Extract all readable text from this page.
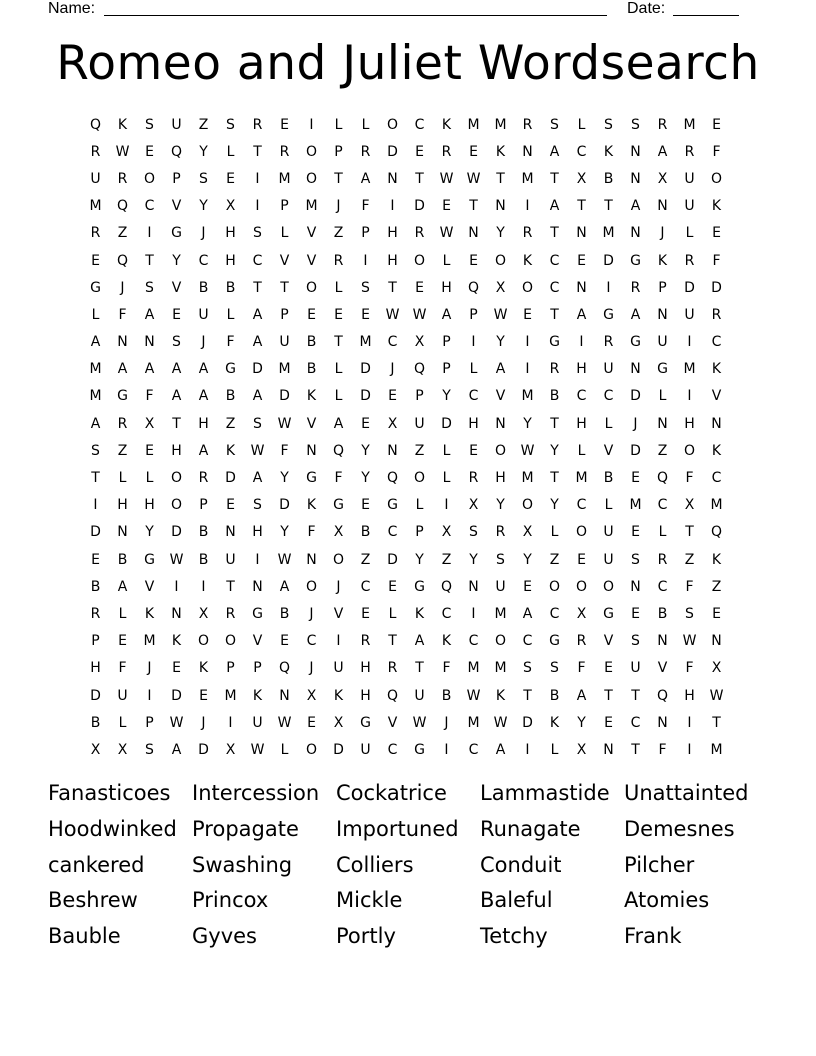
Name:	Date:
Romeo and Juliet Wordsearch
Q	K	S	U	Z	S	R	E	I	L	L	O	C	K	M	M	R	S	L	S	S	R	M	E
R	W	E	Q	Y	L	T	R	O	P	R	D	E	R	E	K	N	A	C	K	N	A	R	F
U	R	O	P	S	E	I	M	O	T	A	N	T	W W	T	M	T	X	B	N	X	U	O
M	Q	C	V	Y	X	I	P	M	J	F	I	D	E	T	N	I	A	T	T	A	N	U	K
R	Z	I	G	J	H	S	L	V	Z	P	H	R	W	N	Y	R	T	N	M	N	J	L	E
E	Q	T	Y	C	H	C	V	V	R	I	H	O	L	E	O	K	C	E	D	G	K	R	F
G	J	S	V	B	B	T	T	O	L	S	T	E	H	Q	X	O	C	N	I	R	P	D	D
L	F	A	E	U	L	A	P	E	E	E	W W	A	P	W	E	T	A	G	A	N	U	R
A	N	N	S	J	F	A	U	B	T	M	C	X	P	I	Y	I	G	I	R	G	U	I	C
M	A	A	A	A	G	D	M	B	L	D	J	Q	P	L	A	I	R	H	U	N	G	M	K
M	G	F	A	A	B	A	D	K	L	D	E	P	Y	C	V	M	B	C	C	D	L	I	V
A	R	X	T	H	Z	S	W	V	A	E	X	U	D	H	N	Y	T	H	L	J	N	H	N
S	Z	E	H	A	K	W	F	N	Q	Y	N	Z	L	E	O	W	Y	L	V	D	Z	O	K
T	L	L	O	R	D	A	Y	G	F	Y	Q	O	L	R	H	M	T	M	B	E	Q	F	C
I	H	H	O	P	E	S	D	K	G	E	G	L	I	X	Y	O	Y	C	L	M	C	X	M
D	N	Y	D	B	N	H	Y	F	X	B	C	P	X	S	R	X	L	O	U	E	L	T	Q
E	B	G	W	B	U	I	W	N	O	Z	D	Y	Z	Y	S	Y	Z	E	U	S	R	Z	K
B	A	V	I	I	T	N	A	O	J	C	E	G	Q	N	U	E	O	O	O	N	C	F	Z
R	L	K	N	X	R	G	B	J	V	E	L	K	C	I	M	A	C	X	G	E	B	S	E
P	E	M	K	O	O	V	E	C	I	R	T	A	K	C	O	C	G	R	V	S	N	W	N
H	F	J	E	K	P	P	Q	J	U	H	R	T	F	M	M	S	S	F	E	U	V	F	X
D	U	I	D	E	M	K	N	X	K	H	Q	U	B	W	K	T	B	A	T	T	Q	H	W
B	L	P	W	J	I	U	W	E	X	G	V	W	J	M	W	D	K	Y	E	C	N	I	T
X	X	S	A	D	X	W	L	O	D	U	C	G	I	C	A	I	L	X	N	T	F	I	M
Fanasticoes	Intercession Cockatrice	Lammastide Unattainted
Hoodwinked Propagate	Importuned	Runagate	Demesnes
cankered	Swashing	Colliers	Conduit	Pilcher
Beshrew	Princox	Mickle	Baleful	Atomies
Bauble	Gyves	Portly	Tetchy	Frank
